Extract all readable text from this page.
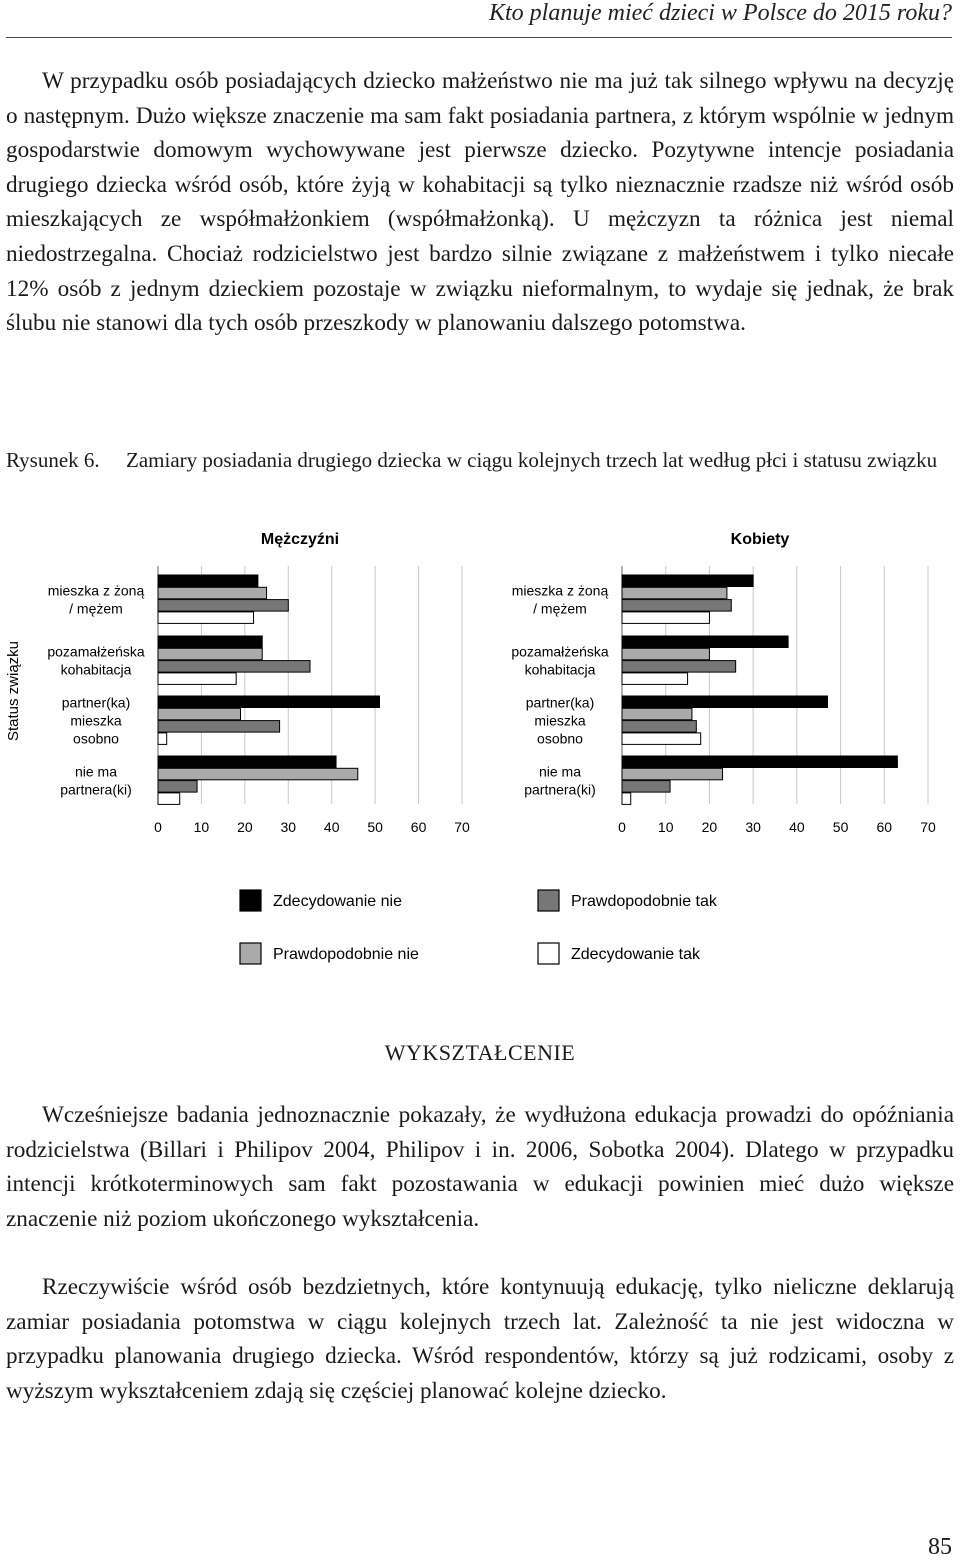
Kto planuje mieć dzieci w Polsce do 2015 roku?

W przypadku osób posiadających dziecko małżeństwo nie ma już tak silnego wpływu na decyzję o następnym. Dużo większe znaczenie ma sam fakt posiadania partnera, z którym wspólnie w jednym gospodarstwie domowym wychowywane jest pierwsze dziecko. Pozytywne intencje posiadania drugiego dziecka wśród osób, które żyją w kohabitacji są tylko nieznacznie rzadsze niż wśród osób mieszkających ze współmałżonkiem (współmałżonką). U mężczyzn ta różnica jest niemal niedostrzegalna. Chociaż rodzicielstwo jest bardzo silnie związane z małżeństwem i tylko niecałe 12% osób z jednym dzieckiem pozostaje w związku nieformalnym, to wydaje się jednak, że brak ślubu nie stanowi dla tych osób przeszkody w planowaniu dalszego potomstwa.

Rysunek 6. Zamiary posiadania drugiego dziecka w ciągu kolejnych trzech lat według płci i statusu związku
Status związku
Mężczyźni
0 10 20 30 40 50 60 70
mieszka z żoną
/ mężem
pozamałżeńska
kohabitacja
partner(ka)
mieszka
osobno
nie ma
partnera(ki)
Kobiety
0 10 20 30 40 50 60 70
mieszka z żoną
/ mężem
pozamałżeńska
kohabitacja
partner(ka)
mieszka
osobno
nie ma
partnera(ki)
Zdecydowanie nie
Prawdopodobnie nie
Prawdopodobnie tak
Zdecydowanie tak
WYKSZTAŁCENIE

Wcześniejsze badania jednoznacznie pokazały, że wydłużona edukacja prowadzi do opóźniania rodzicielstwa (Billari i Philipov 2004, Philipov i in. 2006, Sobotka 2004). Dlatego w przypadku intencji krótkoterminowych sam fakt pozostawania w edukacji powinien mieć dużo większe znaczenie niż poziom ukończonego wykształcenia.

Rzeczywiście wśród osób bezdzietnych, które kontynuują edukację, tylko nieliczne deklarują zamiar posiadania potomstwa w ciągu kolejnych trzech lat. Zależność ta nie jest widoczna w przypadku planowania drugiego dziecka. Wśród respondentów, którzy są już rodzicami, osoby z wyższym wykształceniem zdają się częściej planować kolejne dziecko.

85
